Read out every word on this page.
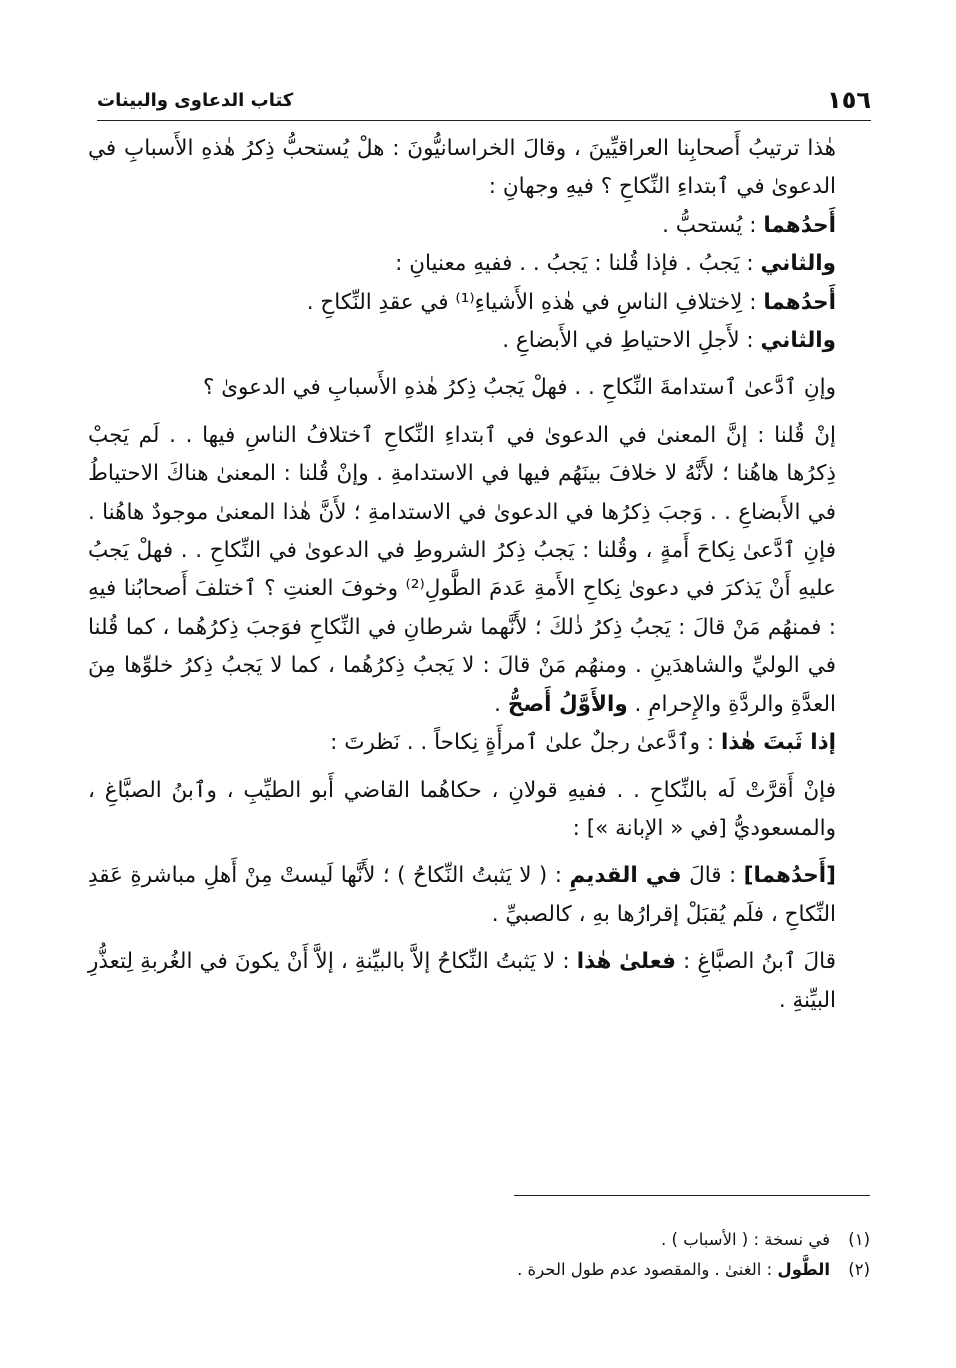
١٥٦
كتاب الدعاوى والبينات

هٰذا ترتيبُ أَصحابِنا العراقيِّينَ ، وقالَ الخراسانيُّونَ : هلْ يُستحبُّ ذِكرُ هٰذهِ الأَسبابِ في الدعوىٰ في ٱبتداءِ النِّكاحِ ؟ فيهِ وجهانِ :

أَحدُهما : يُستحبُّ .

والثاني : يَجبُ . فإذا قُلنا : يَجبُ . . ففيهِ معنيانِ :

أَحدُهما : لِاختلافِ الناسِ في هٰذهِ الأَشياءِ⁽¹⁾ في عقدِ النِّكاحِ .

والثاني : لأَجلِ الاحتياطِ في الأَبضاعِ .

وإنِ ٱدَّعىٰ ٱستدامةَ النِّكاحِ . . فهلْ يَجبُ ذِكرُ هٰذهِ الأَسبابِ في الدعوىٰ ؟

إنْ قُلنا : إنَّ المعنىٰ في الدعوىٰ في ٱبتداءِ النِّكاحِ ٱختلافُ الناسِ فيها . . لَم يَجبْ ذِكرُها هاهُنا ؛ لأَنَّهُ لا خلافَ بينَهُم فيها في الاستدامةِ . وإنْ قُلنا : المعنىٰ هناكَ الاحتياطُ في الأَبضاعِ . . وَجبَ ذِكرُها في الدعوىٰ في الاستدامةِ ؛ لأَنَّ هٰذا المعنىٰ موجودٌ هاهُنا . فإنِ ٱدَّعىٰ نِكاحَ أَمةٍ ، وقُلنا : يَجبُ ذِكرُ الشروطِ في الدعوىٰ في النِّكاحِ . . فهلْ يَجبُ عليهِ أَنْ يَذكرَ في دعوىٰ نِكاحِ الأَمةِ عَدمَ الطَّولِ⁽²⁾ وخوفَ العنتِ ؟ ٱختلفَ أَصحابُنا فيهِ : فمنهُم مَنْ قالَ : يَجبُ ذِكرُ ذٰلكَ ؛ لأَنَّهما شرطانِ في النِّكاحِ فوَجبَ ذِكرُهُما ، كما قُلنا في الوليِّ والشاهدَينِ . ومنهُم مَنْ قالَ : لا يَجبُ ذِكرُهُما ، كما لا يَجبُ ذِكرُ خلوِّها مِنَ العدَّةِ والردَّةِ والإِحرامِ . والأَوَّلُ أَصحُّ .

إذا ثَبتَ هٰذا : وٱدَّعىٰ رجلٌ علىٰ ٱمرأَةٍ نِكاحاً . . نَظرتَ :

فإنْ أَقرَّتْ لَه بالنِّكاحِ . . ففيهِ قولانِ ، حكاهُما القاضي أَبو الطيِّبِ ، وٱبنُ الصبَّاغِ ، والمسعوديُّ [في « الإبانة »] :

[أَحدُهما] : قالَ في القديمِ : ( لا يَثبتُ النِّكاحُ ) ؛ لأَنَّها لَيستْ مِنْ أَهلِ مباشرةِ عَقدِ النِّكاحِ ، فلَم يُقبَلْ إقرارُها بهِ ، كالصبيِّ .

قالَ ٱبنُ الصبَّاغِ : فعلىٰ هٰذا : لا يَثبتُ النِّكاحُ إلاَّ بالبيِّنةِ ، إلاَّ أَنْ يكونَ في الغُربةِ لِتعذُّرِ البيِّنةِ .

(١)في نسخة : ( الأسباب ) .

(٢)الطَّول : الغنىٰ . والمقصود عدم طول الحرة .
